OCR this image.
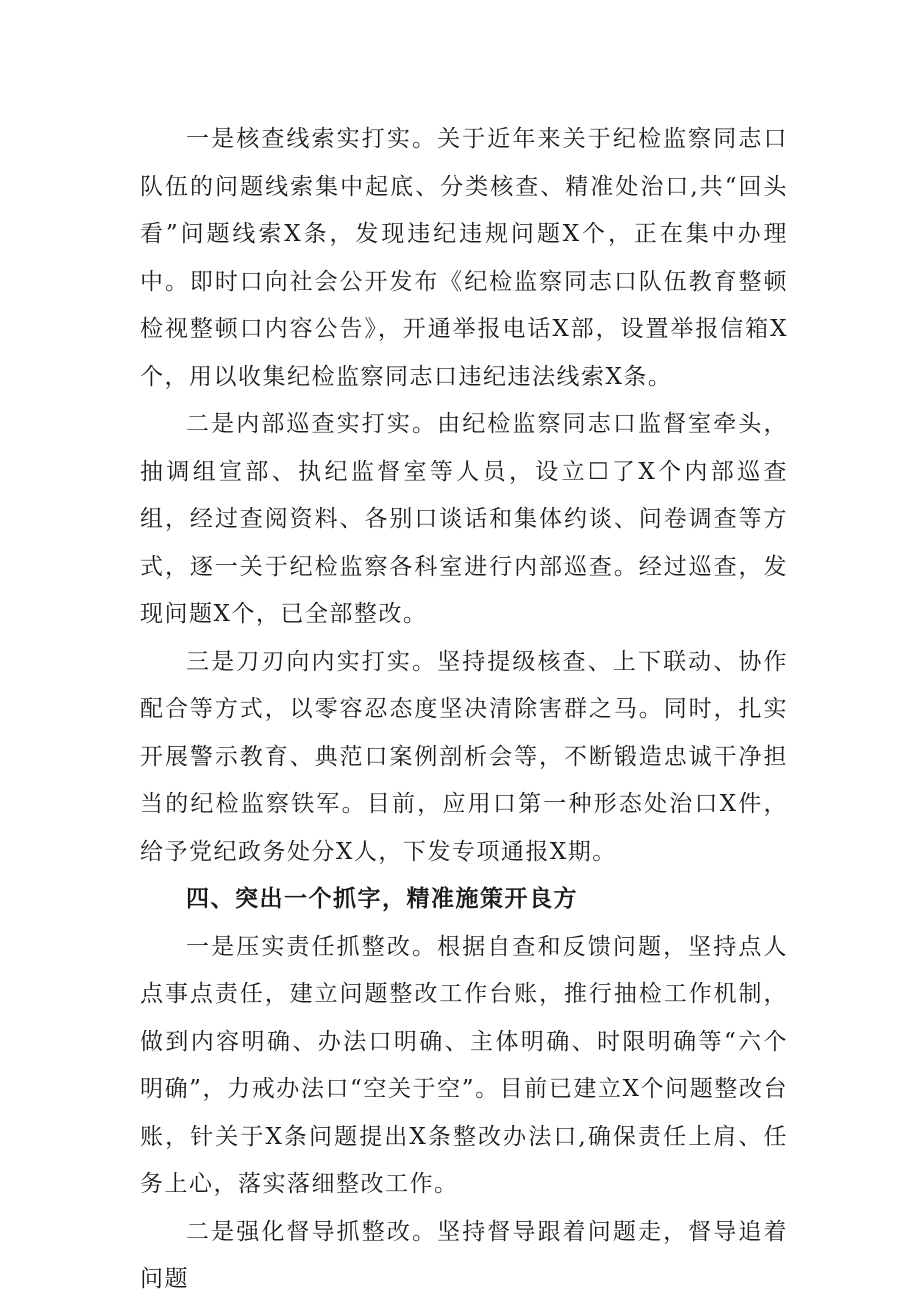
一是核查线索实打实。关于近年来关于纪检监察同志口队伍的问题线索集中起底、分类核查、精准处治口,共“回头看”问题线索X条，发现违纪违规问题X个，正在集中办理中。即时口向社会公开发布《纪检监察同志口队伍教育整顿检视整顿口内容公告》，开通举报电话X部，设置举报信箱X个，用以收集纪检监察同志口违纪违法线索X条。

二是内部巡查实打实。由纪检监察同志口监督室牵头，抽调组宣部、执纪监督室等人员，设立☐了X个内部巡查组，经过查阅资料、各别口谈话和集体约谈、问卷调查等方式，逐一关于纪检监察各科室进行内部巡查。经过巡查，发现问题X个，已全部整改。

三是刀刃向内实打实。坚持提级核查、上下联动、协作配合等方式，以零容忍态度坚决清除害群之马。同时，扎实开展警示教育、典范口案例剖析会等，不断锻造忠诚干净担当的纪检监察铁军。目前，应用口第一种形态处治口X件，给予党纪政务处分X人，下发专项通报X期。

四、突出一个抓字，精准施策开良方

一是压实责任抓整改。根据自查和反馈问题，坚持点人点事点责任，建立问题整改工作台账，推行抽检工作机制，做到内容明确、办法口明确、主体明确、时限明确等“六个明确”，力戒办法口“空关于空”。目前已建立X个问题整改台账，针关于X条问题提出X条整改办法口,确保责任上肩、任务上心，落实落细整改工作。

二是强化督导抓整改。坚持督导跟着问题走，督导追着问题
